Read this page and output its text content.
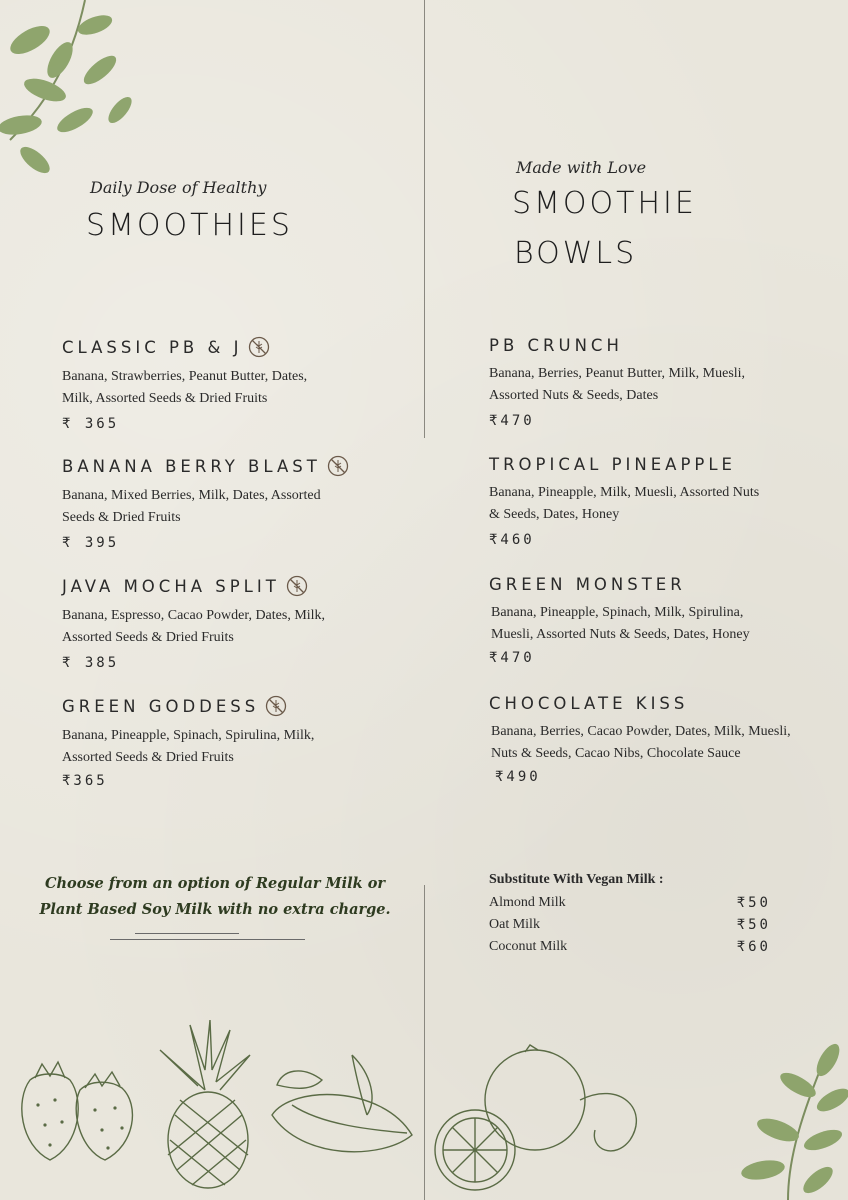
Daily Dose of Healthy
SMOOTHIES
Made with Love
SMOOTHIE
BOWLS
CLASSIC PB & J
Banana, Strawberries, Peanut Butter, Dates,
Milk, Assorted Seeds & Dried Fruits
₹ 365
BANANA BERRY BLAST
Banana, Mixed Berries, Milk, Dates, Assorted
Seeds & Dried Fruits
₹ 395
JAVA MOCHA SPLIT
Banana, Espresso, Cacao Powder, Dates, Milk,
Assorted Seeds & Dried Fruits
₹ 385
GREEN GODDESS
Banana, Pineapple, Spinach, Spirulina, Milk,
Assorted Seeds & Dried Fruits
₹365
PB CRUNCH
Banana, Berries, Peanut Butter, Milk, Muesli,
Assorted Nuts & Seeds, Dates
₹470
TROPICAL PINEAPPLE
Banana, Pineapple, Milk, Muesli, Assorted Nuts
& Seeds, Dates, Honey
₹460
GREEN MONSTER
Banana, Pineapple, Spinach, Milk, Spirulina,
Muesli, Assorted Nuts & Seeds, Dates, Honey
₹470
CHOCOLATE KISS
Banana, Berries, Cacao Powder, Dates, Milk, Muesli,
Nuts & Seeds, Cacao Nibs, Chocolate Sauce
₹490
Choose from an option of Regular Milk or
Plant Based Soy Milk with no extra charge.
Substitute With Vegan Milk :
Almond Milk	₹50
Oat Milk	₹50
Coconut Milk	₹60
